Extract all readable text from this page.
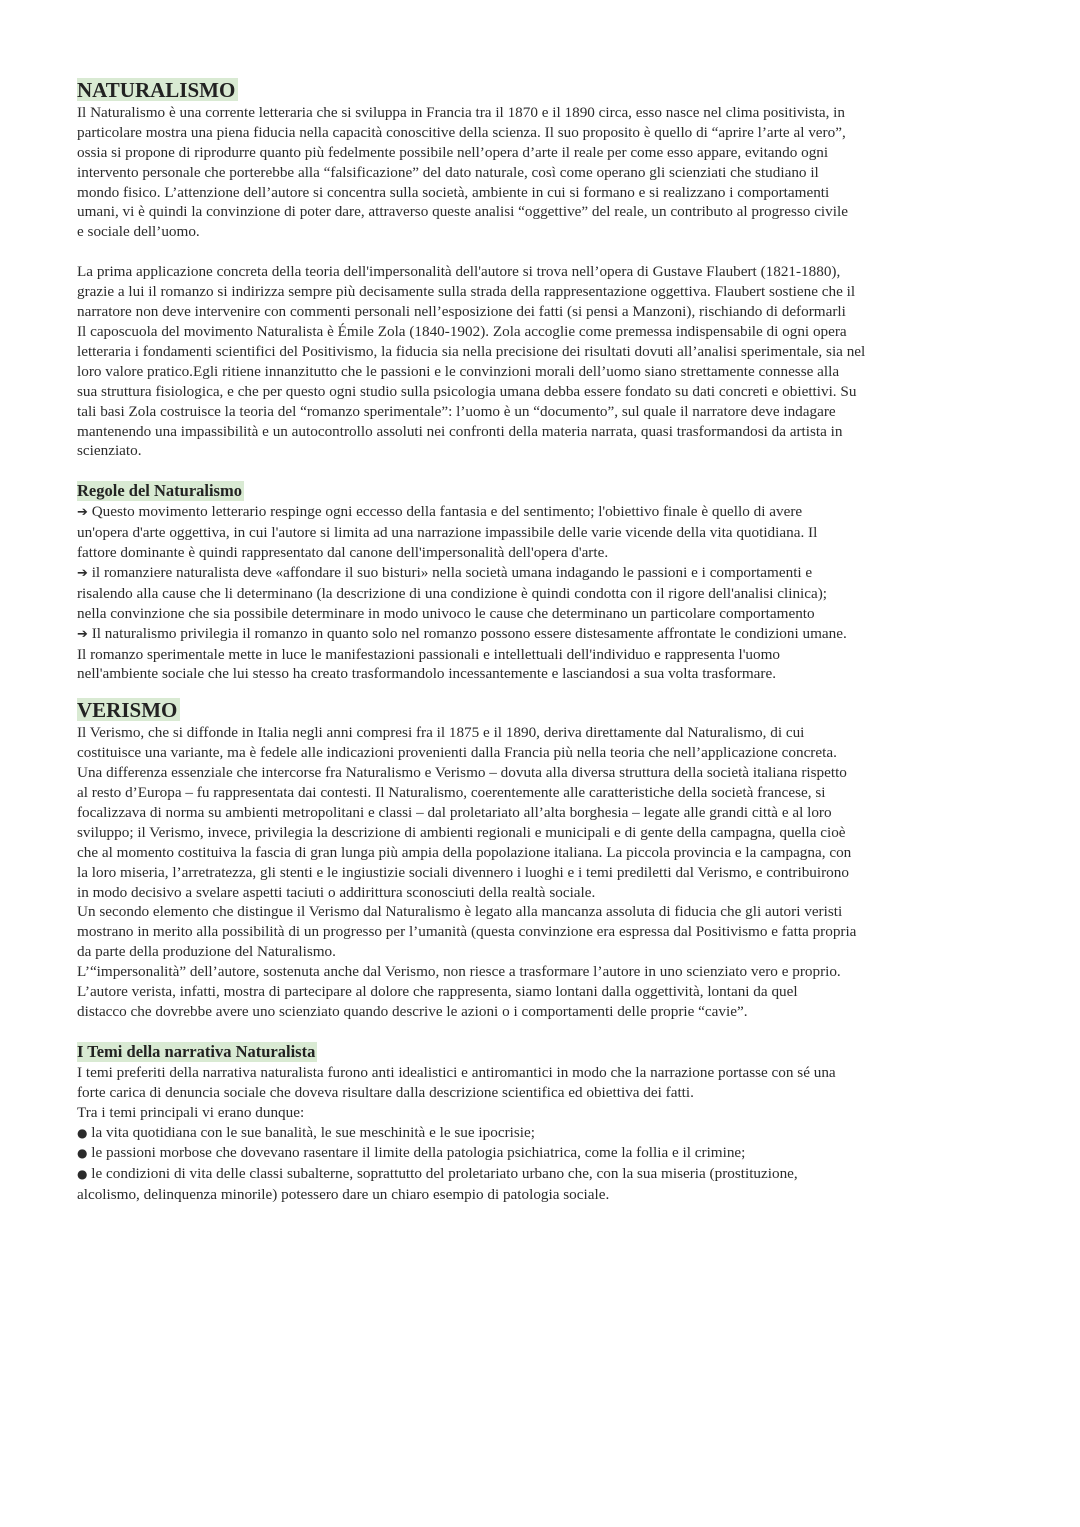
NATURALISMO

Il Naturalismo è una corrente letteraria che si sviluppa in Francia tra il 1870 e il 1890 circa, esso nasce nel clima positivista, in
particolare mostra una piena fiducia nella capacità conoscitive della scienza. Il suo proposito è quello di “aprire l’arte al vero”,
ossia si propone di riprodurre quanto più fedelmente possibile nell’opera d’arte il reale per come esso appare, evitando ogni
intervento personale che porterebbe alla “falsificazione” del dato naturale, così come operano gli scienziati che studiano il
mondo fisico. L’attenzione dell’autore si concentra sulla società, ambiente in cui si formano e si realizzano i comportamenti
umani, vi è quindi la convinzione di poter dare, attraverso queste analisi “oggettive” del reale, un contributo al progresso civile
e sociale dell’uomo.

La prima applicazione concreta della teoria dell'impersonalità dell'autore si trova nell’opera di Gustave Flaubert (1821-1880),
grazie a lui il romanzo si indirizza sempre più decisamente sulla strada della rappresentazione oggettiva. Flaubert sostiene che il
narratore non deve intervenire con commenti personali nell’esposizione dei fatti (si pensi a Manzoni), rischiando di deformarli
Il caposcuola del movimento Naturalista è Émile Zola (1840-1902). Zola accoglie come premessa indispensabile di ogni opera
letteraria i fondamenti scientifici del Positivismo, la fiducia sia nella precisione dei risultati dovuti all’analisi sperimentale, sia nel
loro valore pratico.Egli ritiene innanzitutto che le passioni e le convinzioni morali dell’uomo siano strettamente connesse alla
sua struttura fisiologica, e che per questo ogni studio sulla psicologia umana debba essere fondato su dati concreti e obiettivi. Su
tali basi Zola costruisce la teoria del “romanzo sperimentale”: l’uomo è un “documento”, sul quale il narratore deve indagare
mantenendo una impassibilità e un autocontrollo assoluti nei confronti della materia narrata, quasi trasformandosi da artista in
scienziato.

Regole del Naturalismo

➔ Questo movimento letterario respinge ogni eccesso della fantasia e del sentimento; l'obiettivo finale è quello di avere
un'opera d'arte oggettiva, in cui l'autore si limita ad una narrazione impassibile delle varie vicende della vita quotidiana. Il
fattore dominante è quindi rappresentato dal canone dell'impersonalità dell'opera d'arte.
➔ il romanziere naturalista deve «affondare il suo bisturi» nella società umana indagando le passioni e i comportamenti e
risalendo alla cause che li determinano (la descrizione di una condizione è quindi condotta con il rigore dell'analisi clinica);
nella convinzione che sia possibile determinare in modo univoco le cause che determinano un particolare comportamento
➔ Il naturalismo privilegia il romanzo in quanto solo nel romanzo possono essere distesamente affrontate le condizioni umane.
Il romanzo sperimentale mette in luce le manifestazioni passionali e intellettuali dell'individuo e rappresenta l'uomo
nell'ambiente sociale che lui stesso ha creato trasformandolo incessantemente e lasciandosi a sua volta trasformare.

VERISMO

Il Verismo, che si diffonde in Italia negli anni compresi fra il 1875 e il 1890, deriva direttamente dal Naturalismo, di cui
costituisce una variante, ma è fedele alle indicazioni provenienti dalla Francia più nella teoria che nell’applicazione concreta.
Una differenza essenziale che intercorse fra Naturalismo e Verismo – dovuta alla diversa struttura della società italiana rispetto
al resto d’Europa – fu rappresentata dai contesti. Il Naturalismo, coerentemente alle caratteristiche della società francese, si
focalizzava di norma su ambienti metropolitani e classi – dal proletariato all’alta borghesia – legate alle grandi città e al loro
sviluppo; il Verismo, invece, privilegia la descrizione di ambienti regionali e municipali e di gente della campagna, quella cioè
che al momento costituiva la fascia di gran lunga più ampia della popolazione italiana. La piccola provincia e la campagna, con
la loro miseria, l’arretratezza, gli stenti e le ingiustizie sociali divennero i luoghi e i temi prediletti dal Verismo, e contribuirono
in modo decisivo a svelare aspetti taciuti o addirittura sconosciuti della realtà sociale.
Un secondo elemento che distingue il Verismo dal Naturalismo è legato alla mancanza assoluta di fiducia che gli autori veristi
mostrano in merito alla possibilità di un progresso per l’umanità (questa convinzione era espressa dal Positivismo e fatta propria
da parte della produzione del Naturalismo.
L’“impersonalità” dell’autore, sostenuta anche dal Verismo, non riesce a trasformare l’autore in uno scienziato vero e proprio.
L’autore verista, infatti, mostra di partecipare al dolore che rappresenta, siamo lontani dalla oggettività, lontani da quel
distacco che dovrebbe avere uno scienziato quando descrive le azioni o i comportamenti delle proprie “cavie”.

I Temi della narrativa Naturalista

I temi preferiti della narrativa naturalista furono anti idealistici e antiromantici in modo che la narrazione portasse con sé una
forte carica di denuncia sociale che doveva risultare dalla descrizione scientifica ed obiettiva dei fatti.
Tra i temi principali vi erano dunque:
● la vita quotidiana con le sue banalità, le sue meschinità e le sue ipocrisie;
● le passioni morbose che dovevano rasentare il limite della patologia psichiatrica, come la follia e il crimine;
● le condizioni di vita delle classi subalterne, soprattutto del proletariato urbano che, con la sua miseria (prostituzione,
alcolismo, delinquenza minorile) potessero dare un chiaro esempio di patologia sociale.
